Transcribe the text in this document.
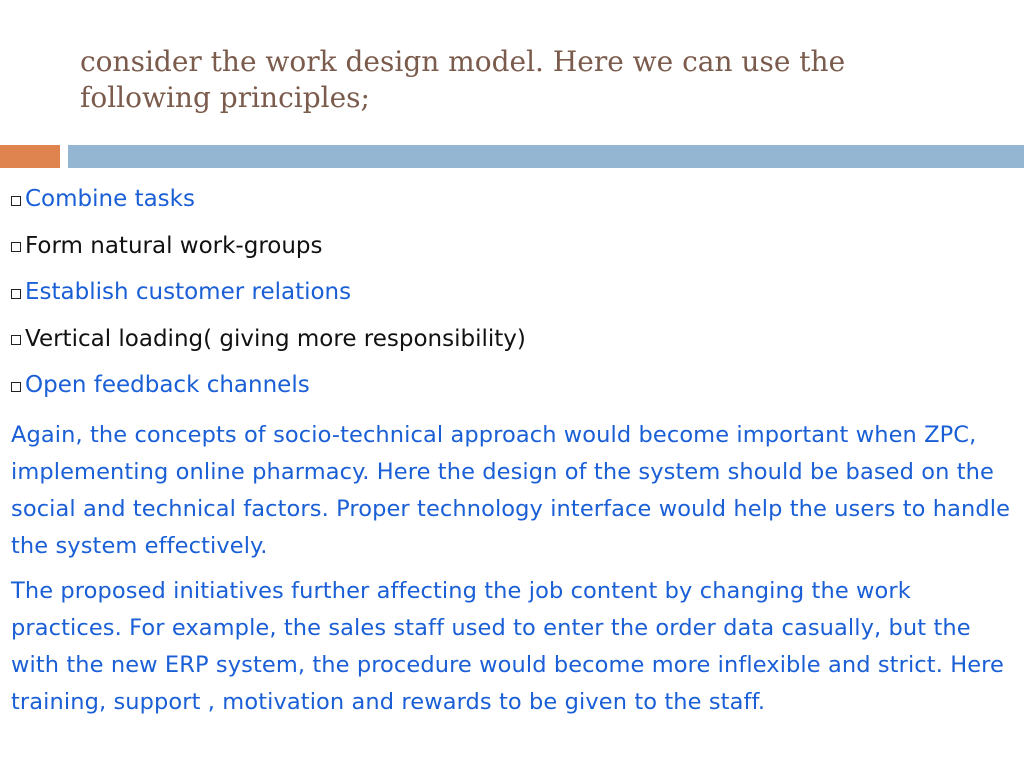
consider the work design model. Here we can use the following principles;
Combine tasks
Form natural work-groups
Establish customer relations
Vertical loading( giving more responsibility)
Open feedback channels

Again, the concepts of socio-technical approach would become important when ZPC, implementing online pharmacy. Here the design of the system should be based on the social and technical factors. Proper technology interface would help the users to handle the system effectively.

The proposed initiatives further affecting the job content by changing the work practices. For example, the sales staff used to enter the order data casually, but the with the new ERP system, the procedure would become more inflexible and strict. Here training, support , motivation and rewards to be given to the staff.
